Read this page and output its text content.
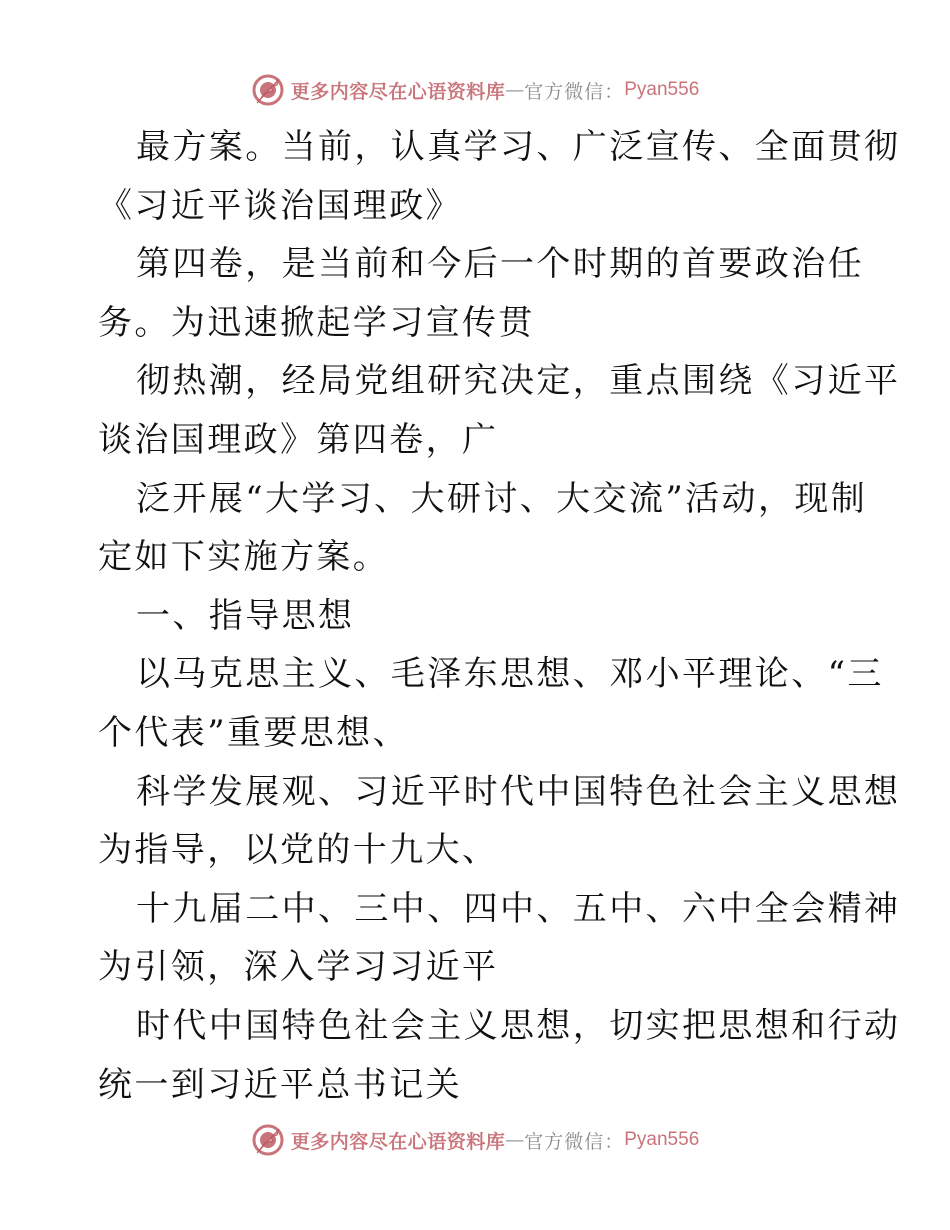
更多内容尽在心语资料库 — 官方微信： Pyan556
最方案。当前，认真学习、广泛宣传、全面贯彻
《习近平谈治国理政》
第四卷，是当前和今后一个时期的首要政治任
务。为迅速掀起学习宣传贯
彻热潮，经局党组研究决定，重点围绕《习近平
谈治国理政》第四卷，广
泛开展“大学习、大研讨、大交流”活动，现制
定如下实施方案。
一、指导思想
以马克思主义、毛泽东思想、邓小平理论、“三
个代表”重要思想、
科学发展观、习近平时代中国特色社会主义思想
为指导，以党的十九大、
十九届二中、三中、四中、五中、六中全会精神
为引领，深入学习习近平
时代中国特色社会主义思想，切实把思想和行动
统一到习近平总书记关
更多内容尽在心语资料库 — 官方微信： Pyan556
